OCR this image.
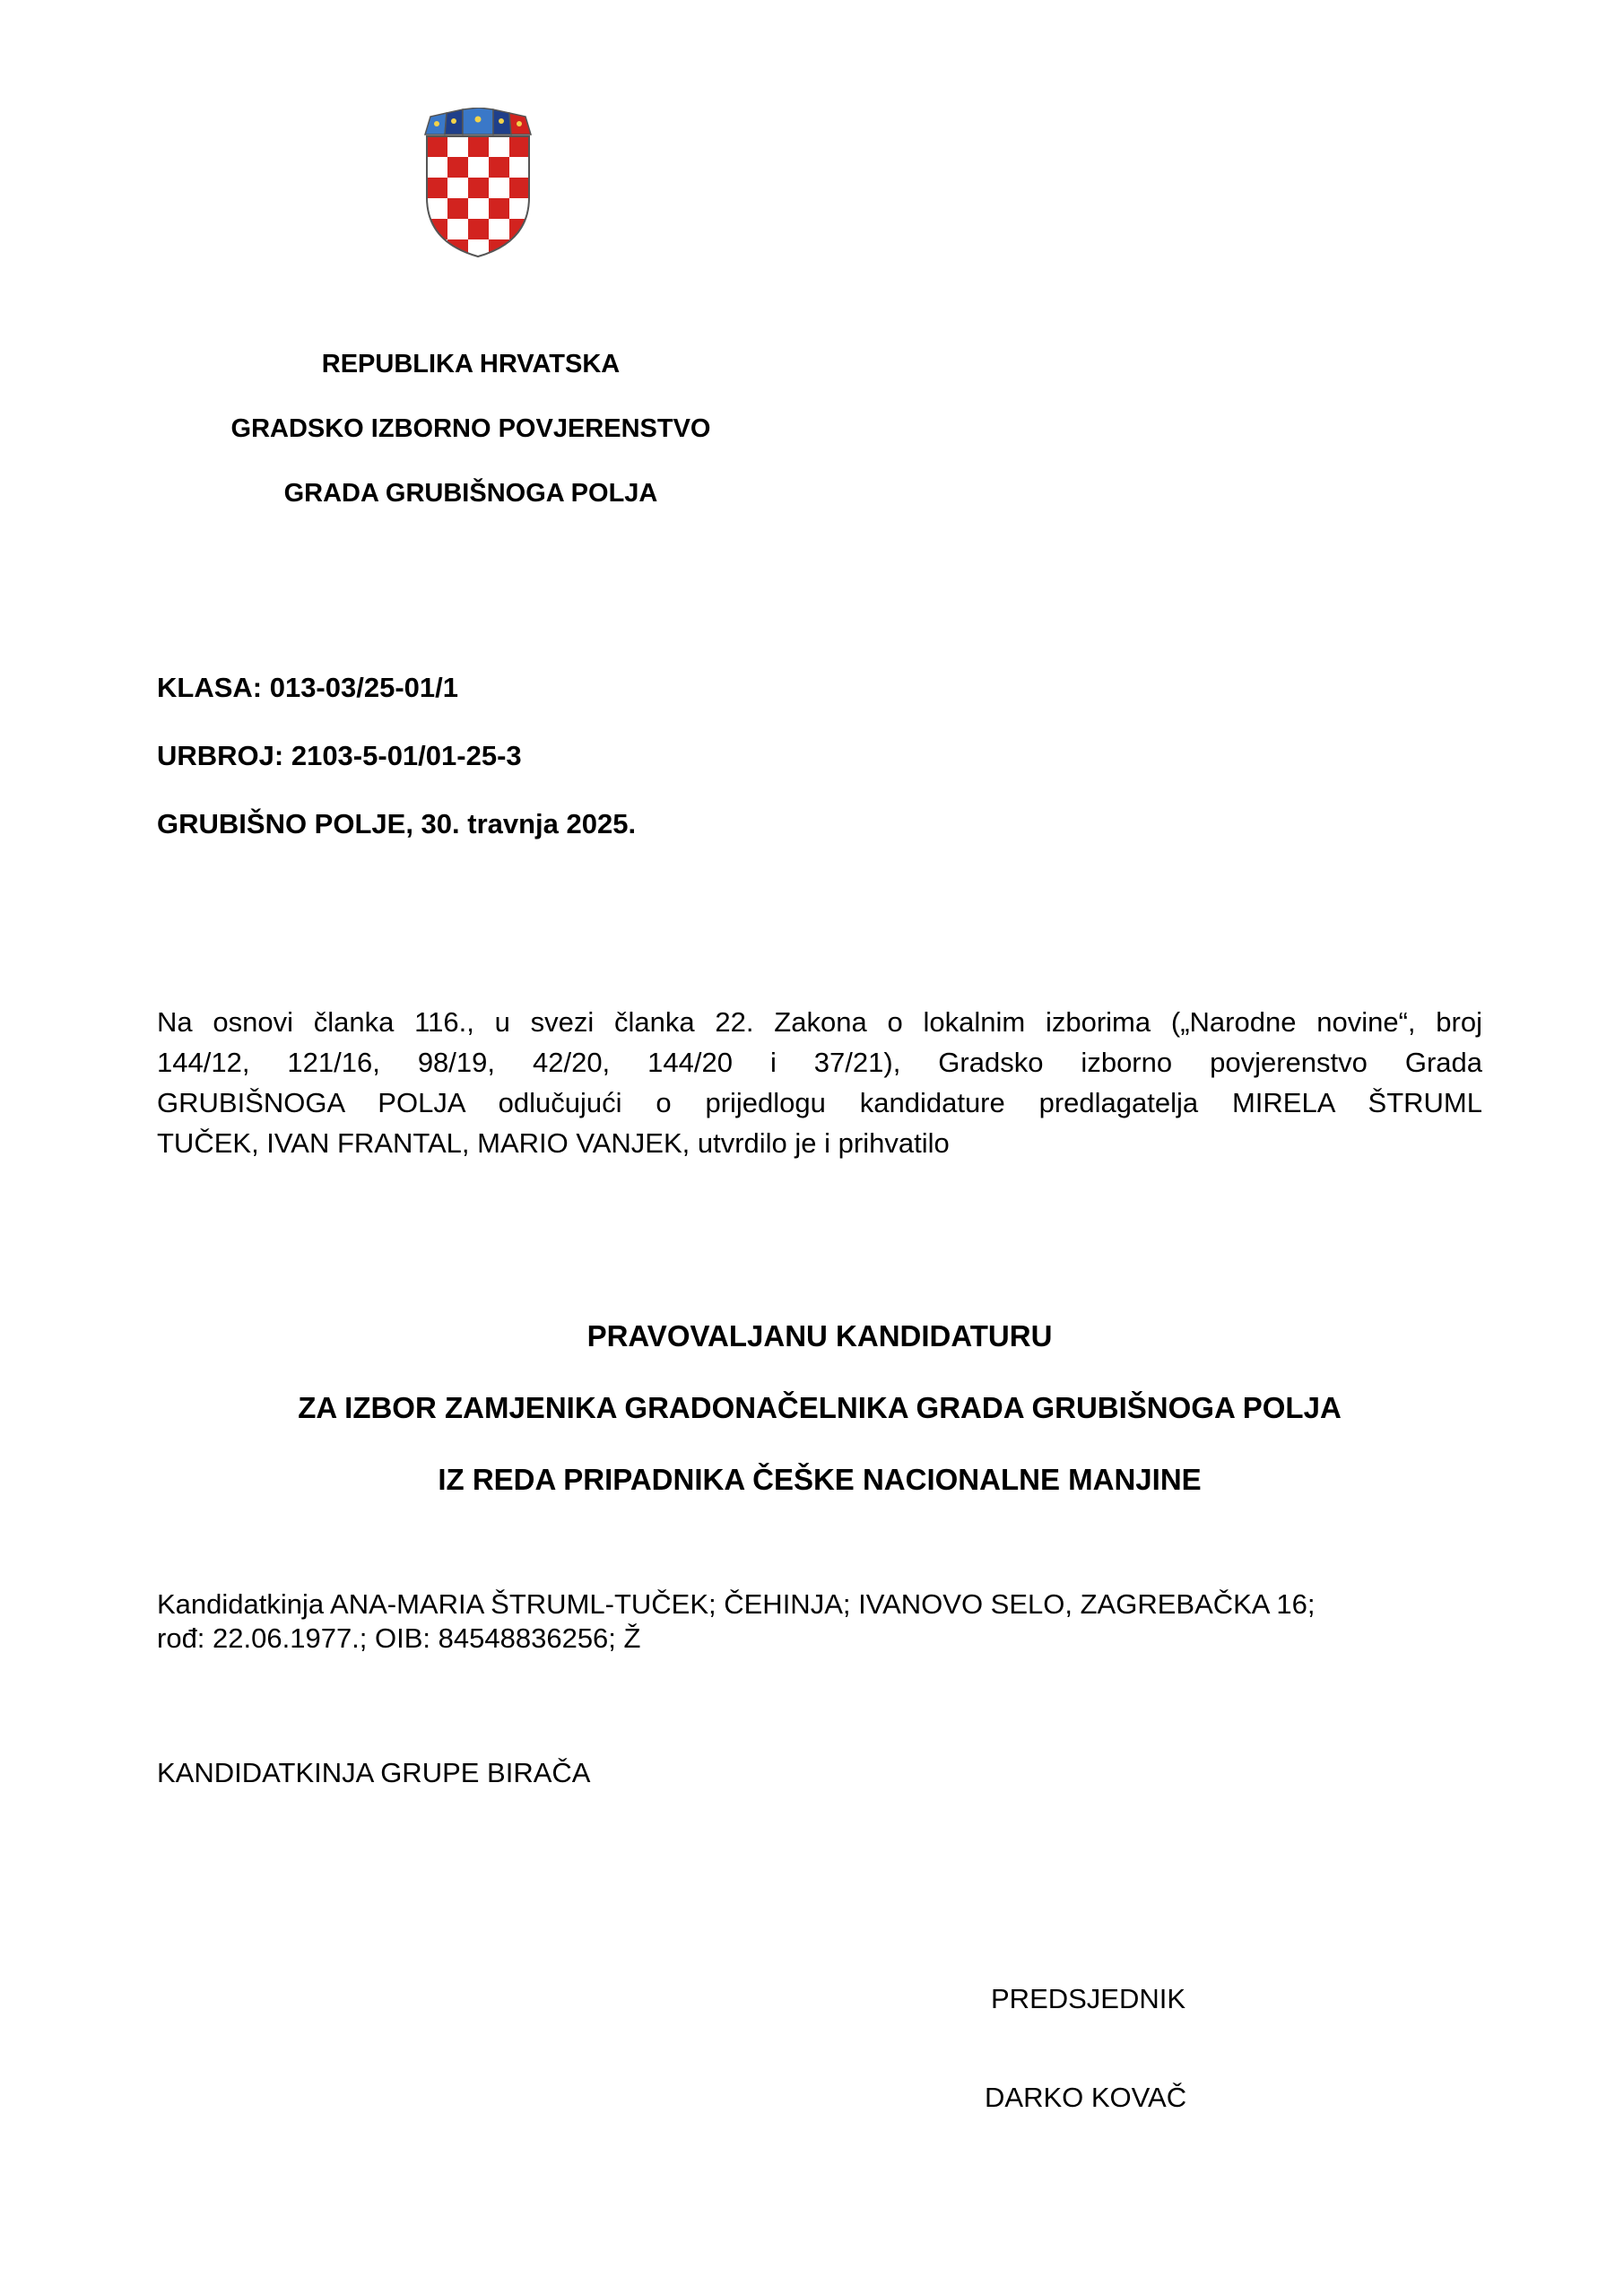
REPUBLIKA HRVATSKA
GRADSKO IZBORNO POVJERENSTVO
GRADA GRUBIŠNOGA POLJA
KLASA: 013-03/25-01/1
URBROJ: 2103-5-01/01-25-3
GRUBIŠNO POLJE, 30. travnja 2025.
Na osnovi članka 116., u svezi članka 22. Zakona o lokalnim izborima („Narodne novine“, broj
144/12, 121/16, 98/19, 42/20, 144/20 i 37/21), Gradsko izborno povjerenstvo Grada
GRUBIŠNOGA POLJA odlučujući o prijedlogu kandidature predlagatelja MIRELA ŠTRUML
TUČEK, IVAN FRANTAL, MARIO VANJEK, utvrdilo je i prihvatilo
PRAVOVALJANU KANDIDATURU
ZA IZBOR ZAMJENIKA GRADONAČELNIKA GRADA GRUBIŠNOGA POLJA
IZ REDA PRIPADNIKA ČEŠKE NACIONALNE MANJINE
Kandidatkinja ANA-MARIA ŠTRUML-TUČEK; ČEHINJA; IVANOVO SELO, ZAGREBAČKA 16;
rođ: 22.06.1977.; OIB: 84548836256; Ž
KANDIDATKINJA GRUPE BIRAČA
PREDSJEDNIK
DARKO KOVAČ
